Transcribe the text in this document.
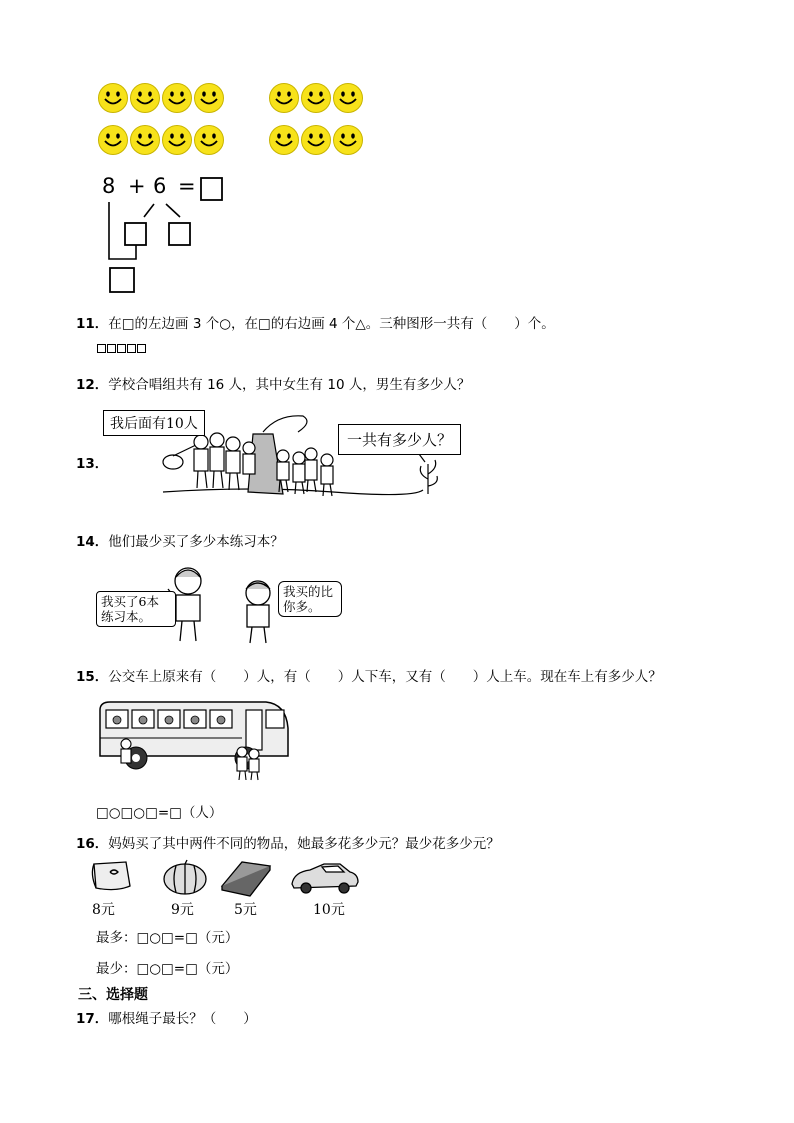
8 + 6 =
11．在□的左边画 3 个○，在□的右边画 4 个△。三种图形一共有（　　）个。
12．学校合唱组共有 16 人，其中女生有 10 人，男生有多少人？
13．
我后面有10人
一共有多少人？
14．他们最少买了多少本练习本？
我买了6本
练习本。
我买的比
你多。
15．公交车上原来有（　　）人，有（　　）人下车，又有（　　）人上车。现在车上有多少人？
□○□○□=□（人）
16．妈妈买了其中两件不同的物品，她最多花多少元？最少花多少元？
8元	9元	5元	10元
最多：□○□=□（元）
最少：□○□=□（元）
三、选择题
17．哪根绳子最长？（　　）
